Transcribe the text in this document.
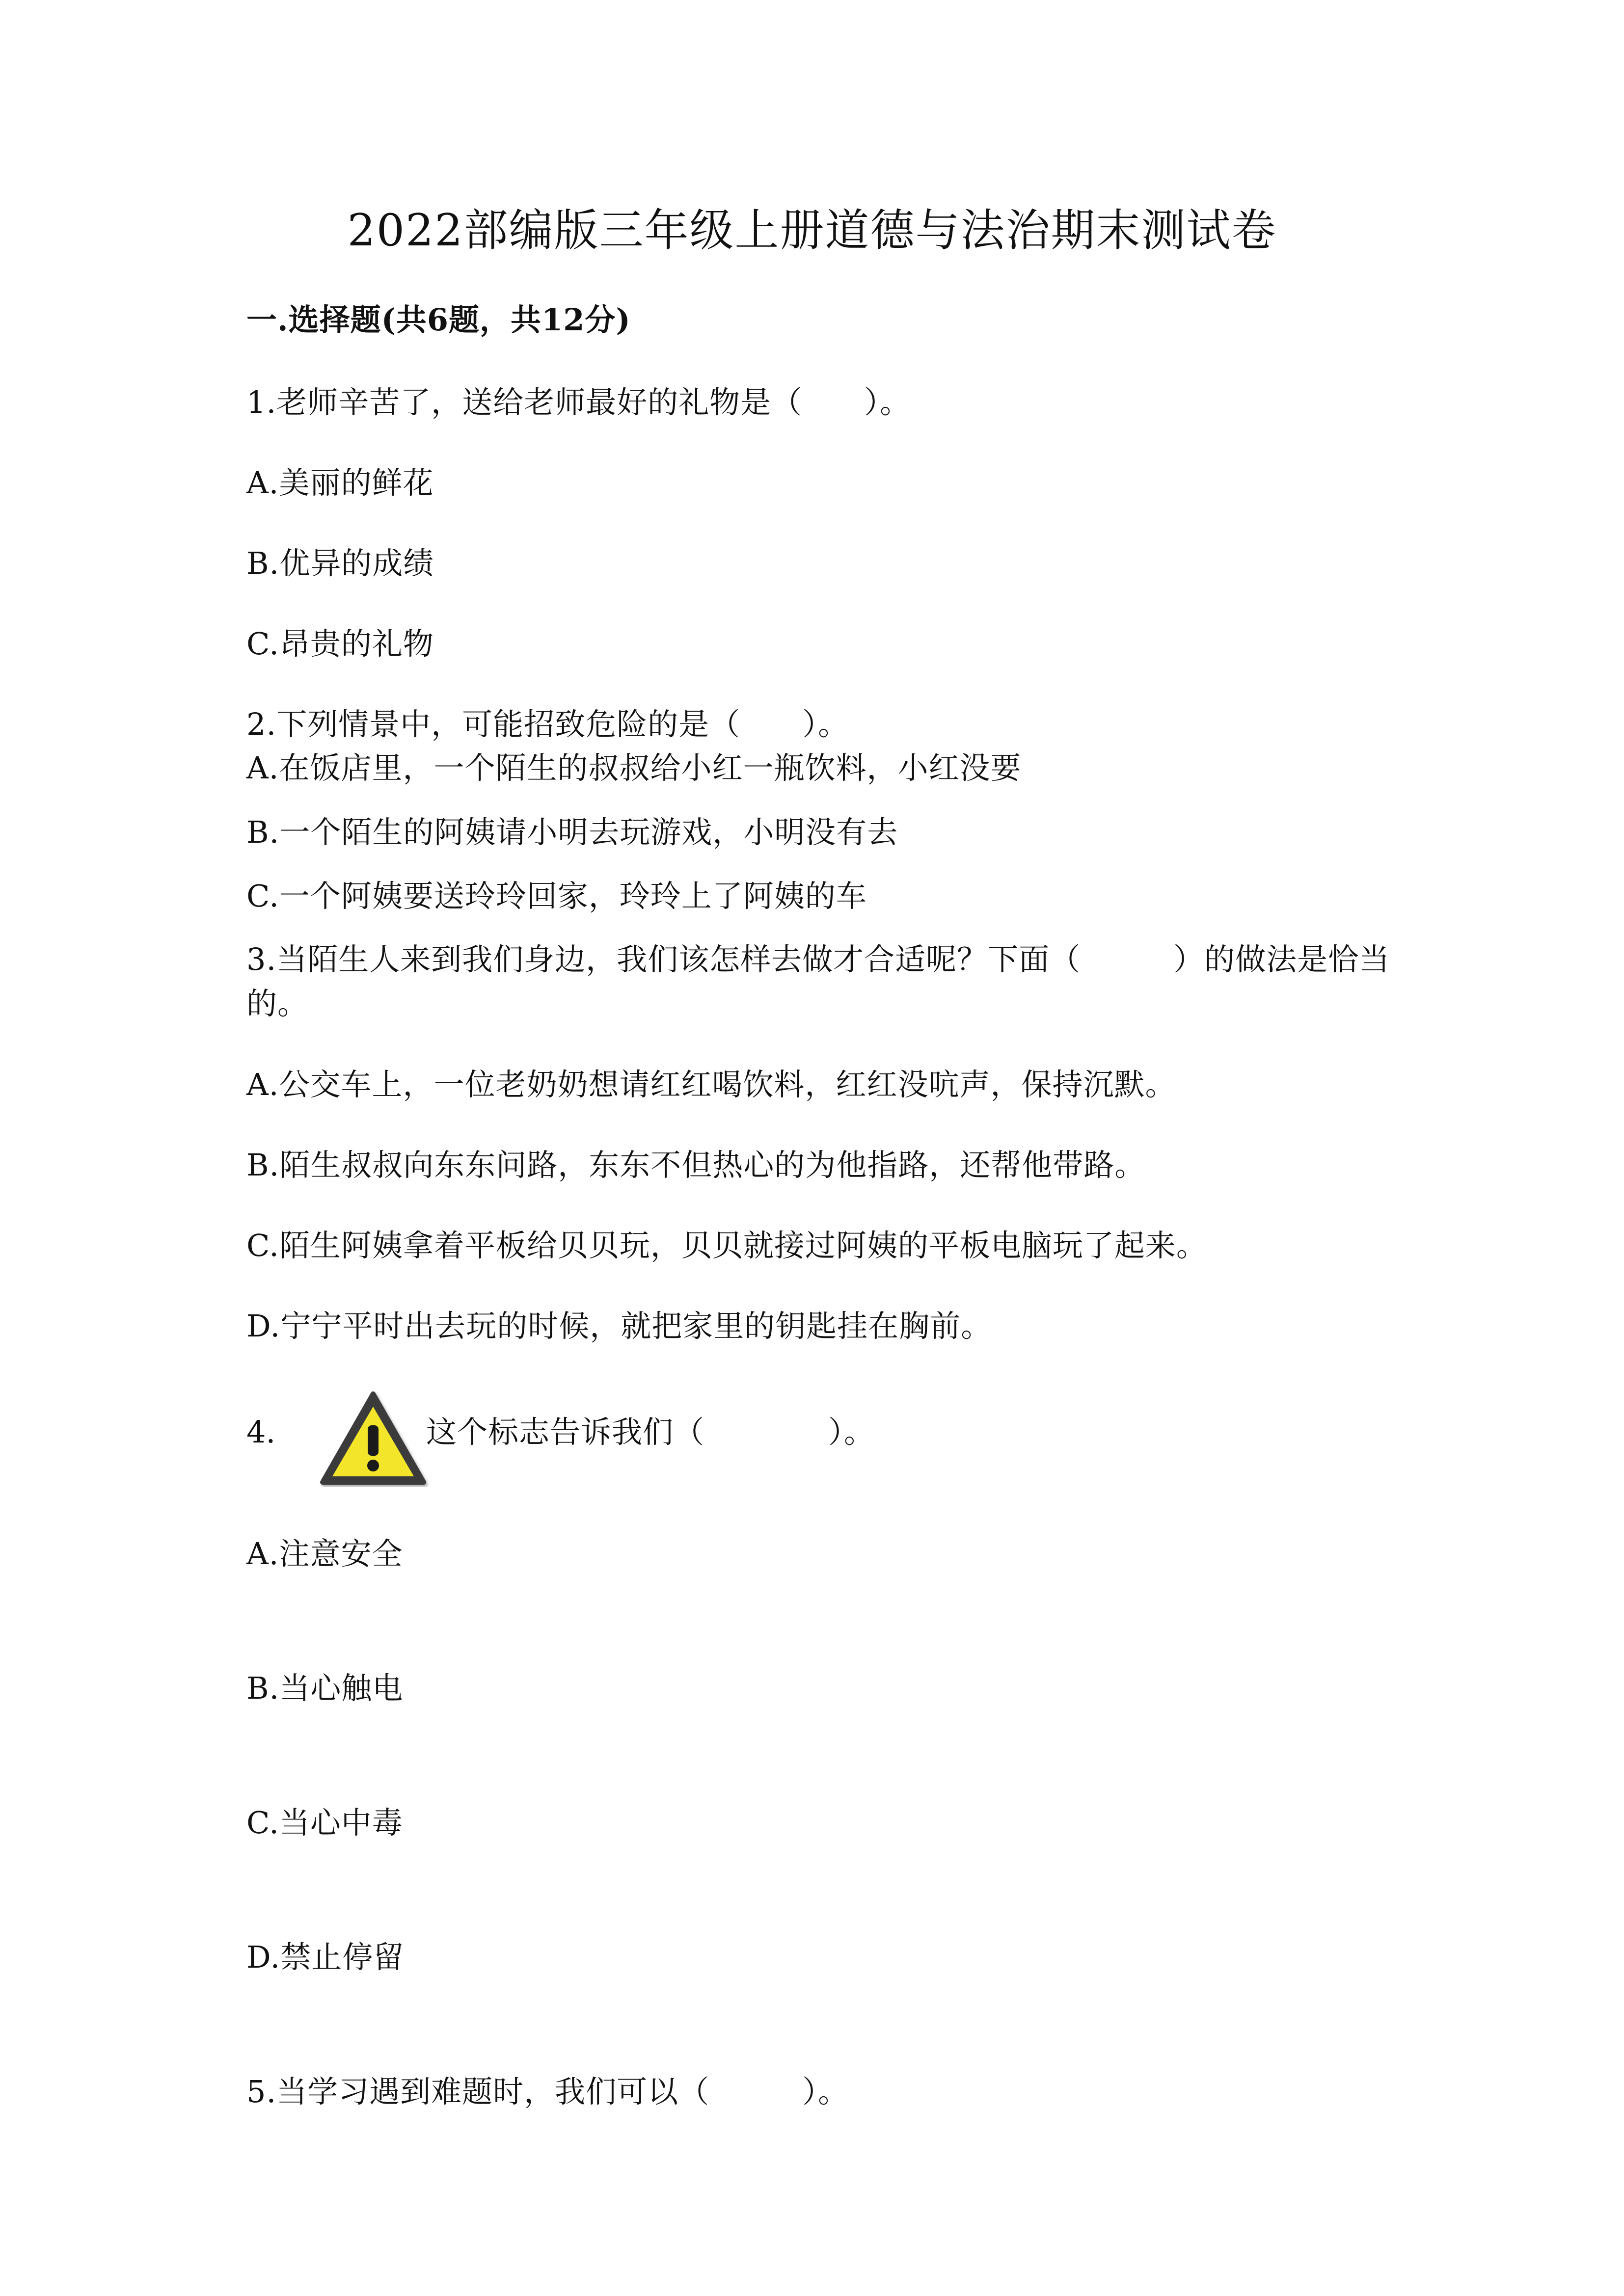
2022部编版三年级上册道德与法治期末测试卷
一.选择题(共6题，共12分)
1.老师辛苦了，送给老师最好的礼物是（　　）。
A.美丽的鲜花
B.优异的成绩
C.昂贵的礼物
2.下列情景中，可能招致危险的是（　　）。
A.在饭店里，一个陌生的叔叔给小红一瓶饮料，小红没要
B.一个陌生的阿姨请小明去玩游戏，小明没有去
C.一个阿姨要送玲玲回家，玲玲上了阿姨的车
3.当陌生人来到我们身边，我们该怎样去做才合适呢？下面（　　　）的做法是恰当的。
A.公交车上，一位老奶奶想请红红喝饮料，红红没吭声，保持沉默。
B.陌生叔叔向东东问路，东东不但热心的为他指路，还帮他带路。
C.陌生阿姨拿着平板给贝贝玩，贝贝就接过阿姨的平板电脑玩了起来。
D.宁宁平时出去玩的时候，就把家里的钥匙挂在胸前。
4.	这个标志告诉我们（　　　　）。
A.注意安全
B.当心触电
C.当心中毒
D.禁止停留
5.当学习遇到难题时，我们可以（　　　）。
